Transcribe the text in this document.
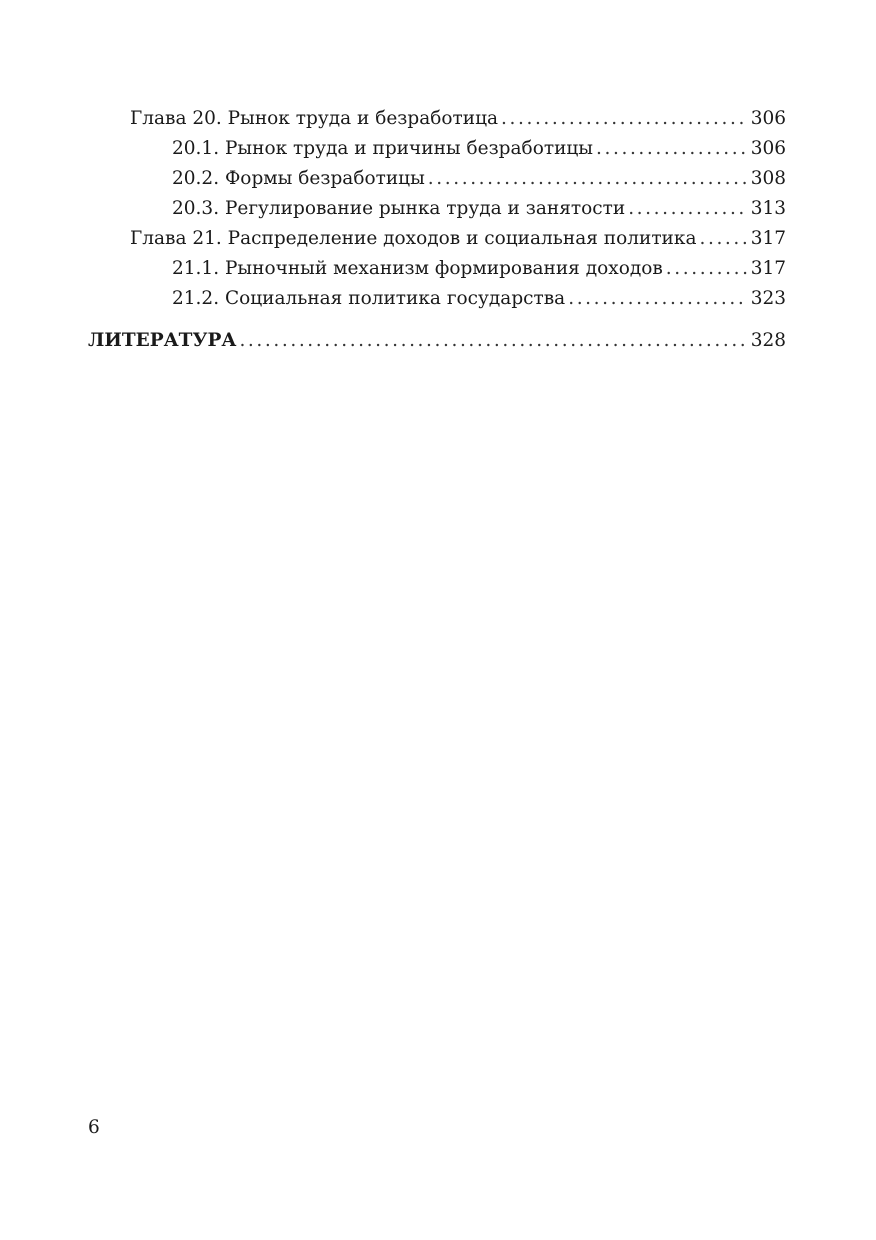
Глава 20. Рынок труда и безработица .....	306
20.1. Рынок труда и причины безработицы .....	306
20.2. Формы безработицы .....	308
20.3. Регулирование рынка труда и занятости .....	313
Глава 21. Распределение доходов и социальная политика .....	317
21.1. Рыночный механизм формирования доходов .....	317
21.2. Социальная политика государства .....	323
ЛИТЕРАТУРА .....	328
6
